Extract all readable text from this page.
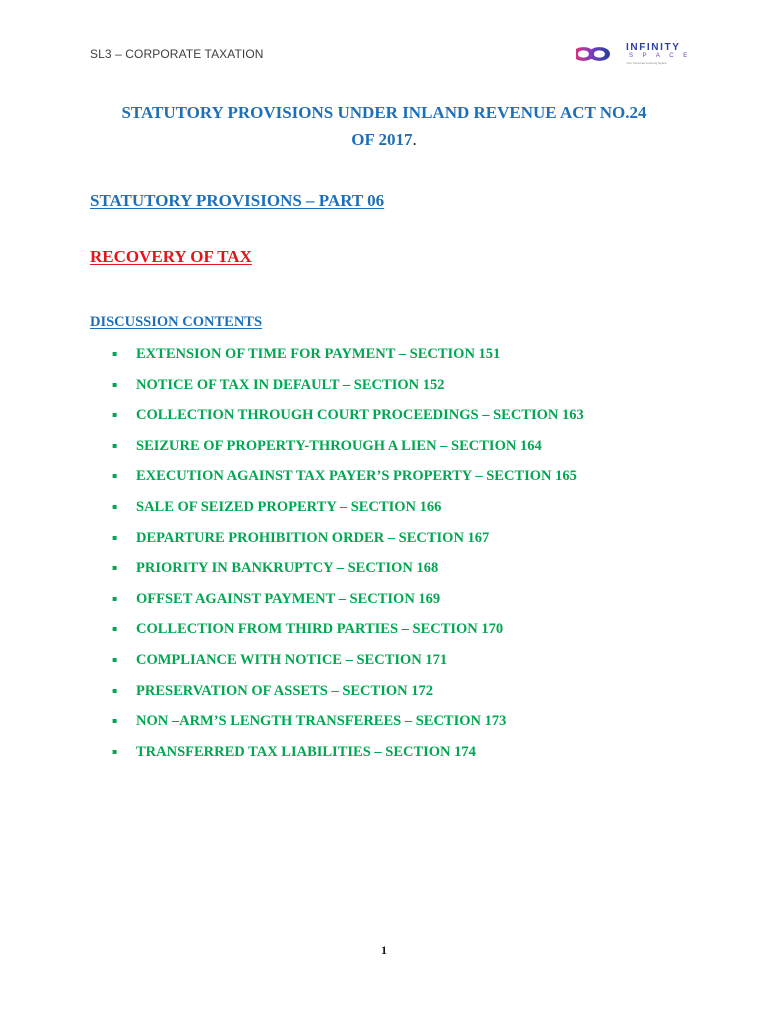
SL3 – CORPORATE TAXATION	INFINITY
S P A C E
Your Personal Learning Space
STATUTORY PROVISIONS UNDER INLAND REVENUE ACT NO.24
OF 2017.
STATUTORY PROVISIONS – PART 06
RECOVERY OF TAX
DISCUSSION CONTENTS
▪ EXTENSION OF TIME FOR PAYMENT – SECTION 151
▪ NOTICE OF TAX IN DEFAULT – SECTION 152
▪ COLLECTION THROUGH COURT PROCEEDINGS – SECTION 163
▪ SEIZURE OF PROPERTY-THROUGH A LIEN – SECTION 164
▪ EXECUTION AGAINST TAX PAYER’S PROPERTY – SECTION 165
▪ SALE OF SEIZED PROPERTY – SECTION 166
▪ DEPARTURE PROHIBITION ORDER – SECTION 167
▪ PRIORITY IN BANKRUPTCY – SECTION 168
▪ OFFSET AGAINST PAYMENT – SECTION 169
▪ COLLECTION FROM THIRD PARTIES – SECTION 170
▪ COMPLIANCE WITH NOTICE – SECTION 171
▪ PRESERVATION OF ASSETS – SECTION 172
▪ NON –ARM’S LENGTH TRANSFEREES – SECTION 173
▪ TRANSFERRED TAX LIABILITIES – SECTION 174
1
